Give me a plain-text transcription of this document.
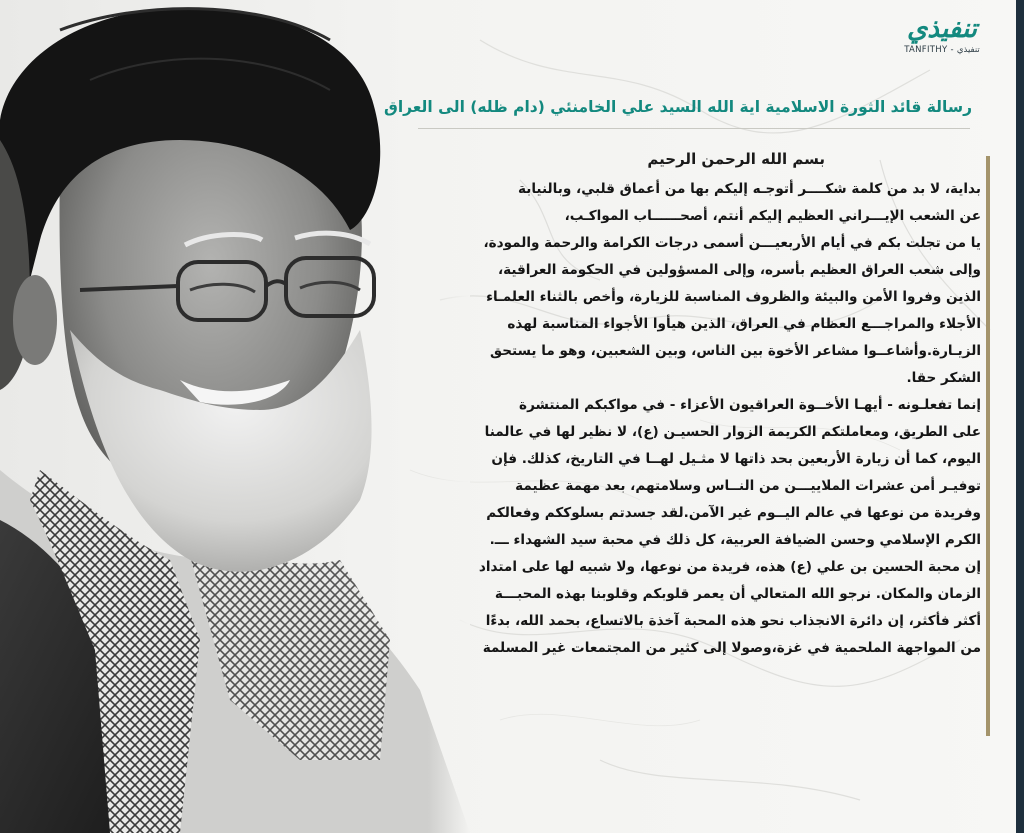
تنفيذي
TANFITHY - تنفيذي
رسالة قائد الثورة الاسلامية اية الله السيد علي الخامنئي (دام ظله) الى العراق
بسم الله الرحمن الرحيم
بداية، لا بد من كلمة شكــــر أتوجـه إليكم بها من أعماق قلبي، وبالنيابة
عن الشعب الإيـــراني العظيم إليكم أنتم، أصحــــــاب المواكـب،
يا من تجلت بكم في أيام الأربعيـــن أسمى درجات الكرامة والرحمة والمودة،
وإلى شعب العراق العظيم بأسره، وإلى المسؤولين في الحكومة العراقية،
الذين وفروا الأمن والبيئة والظروف المناسبة للزيارة، وأخص بالثناء العلمـاء
الأجلاء والمراجـــع العظام في العراق، الذين هيأوا الأجواء المناسبة لهذه
الزيـارة.وأشاعــوا مشاعر الأخوة بين الناس، وبين الشعبين، وهو ما يستحق
الشكر حقا.
إنما تفعلـونه - أيهـا الأخــوة العراقيون الأعزاء - في مواكبكم المنتشرة
على الطريق، ومعاملتكم الكريمة الزوار الحسيـن (ع)، لا نظير لها في عالمنا
اليوم، كما أن زيارة الأربعين بحد ذاتها لا مثـيل لهــا في التاريخ، كذلك. فإن
توفيـر أمن عشرات الملاييـــن من النــاس وسلامتهم، بعد مهمة عظيمة
وفريدة من نوعها في عالم اليــوم غير الآمن.لقد جسدتم بسلوككم وفعالكم
الكرم الإسلامي وحسن الضيافة العربية، كل ذلك في محبة سيد الشهداء ـــ.
إن محبة الحسين بن علي (ع) هذه، فريدة من نوعها، ولا شبيه لها على امتداد
الزمان والمكان. نرجو الله المتعالي أن يعمر قلوبكم وقلوبنا بهذه المحبـــة
أكثر فأكثر، إن دائرة الانجذاب نحو هذه المحبة آخذة بالاتساع، بحمد الله، بدءًا
من المواجهة الملحمية في غزة،وصولا إلى كثير من المجتمعات غير المسلمة
